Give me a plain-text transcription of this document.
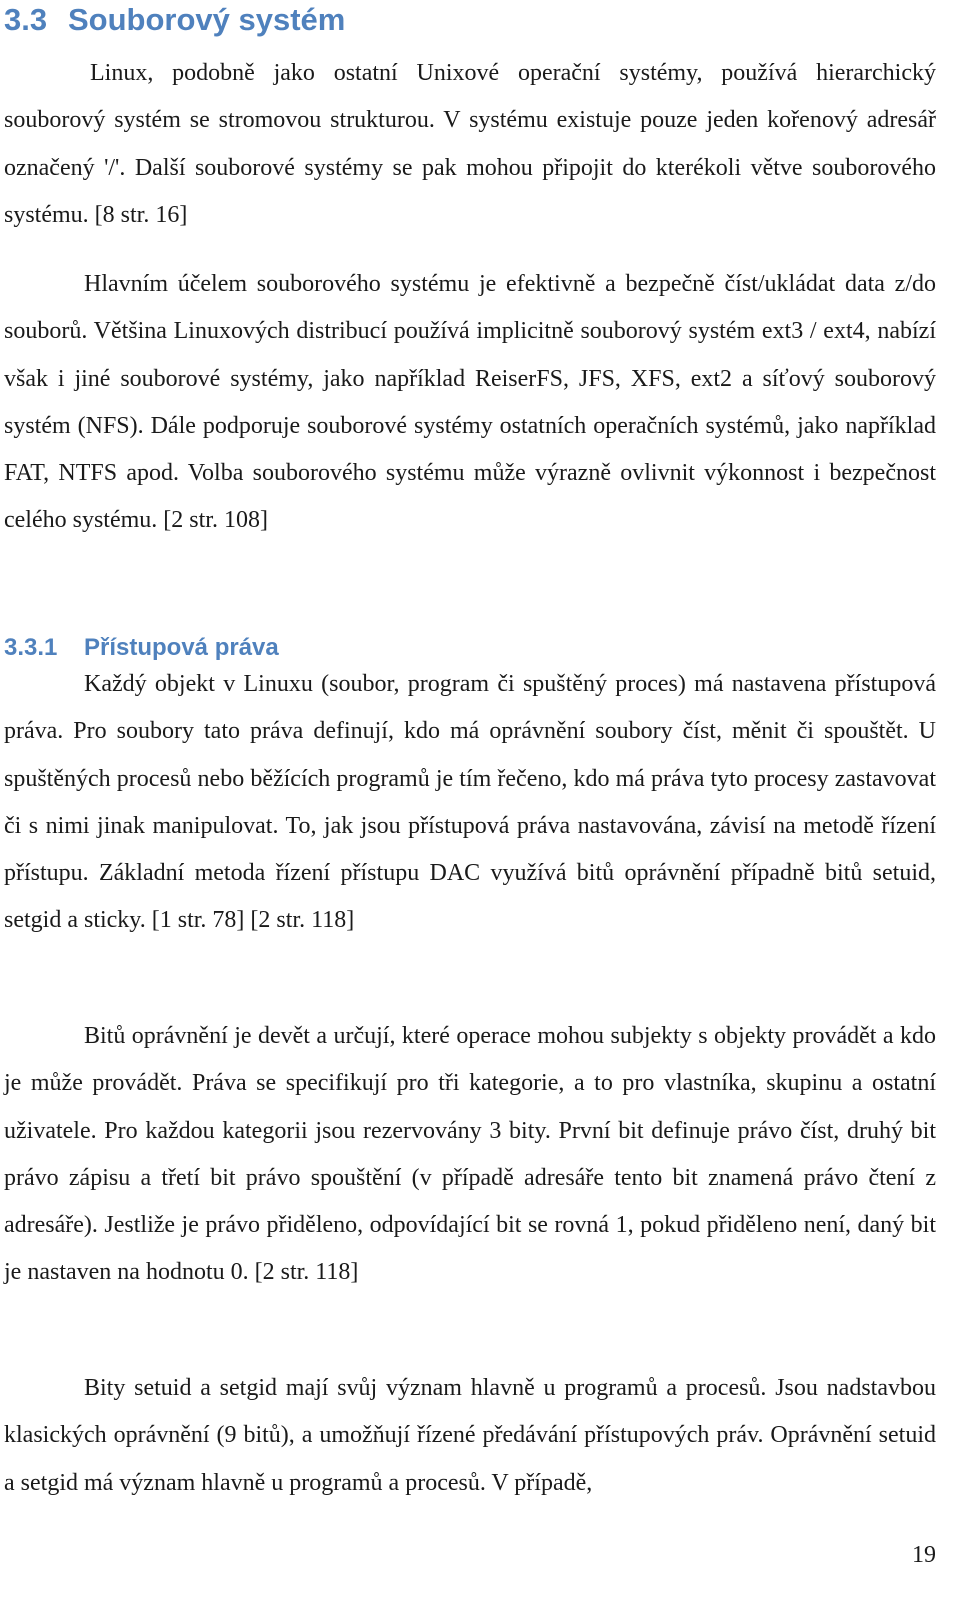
3.3 Souborový systém

Linux, podobně jako ostatní Unixové operační systémy, používá hierarchický souborový systém se stromovou strukturou. V systému existuje pouze jeden kořenový adresář označený '/'. Další souborové systémy se pak mohou připojit do kterékoli větve souborového systému. [8 str. 16]

Hlavním účelem souborového systému je efektivně a bezpečně číst/ukládat data z/do souborů. Většina Linuxových distribucí používá implicitně souborový systém ext3 / ext4, nabízí však i jiné souborové systémy, jako například ReiserFS, JFS, XFS, ext2 a síťový souborový systém (NFS). Dále podporuje souborové systémy ostatních operačních systémů, jako například FAT, NTFS apod. Volba souborového systému může výrazně ovlivnit výkonnost i bezpečnost celého systému. [2 str. 108]

3.3.1 Přístupová práva

Každý objekt v Linuxu (soubor, program či spuštěný proces) má nastavena přístupová práva. Pro soubory tato práva definují, kdo má oprávnění soubory číst, měnit či spouštět. U spuštěných procesů nebo běžících programů je tím řečeno, kdo má práva tyto procesy zastavovat či s nimi jinak manipulovat. To, jak jsou přístupová práva nastavována, závisí na metodě řízení přístupu. Základní metoda řízení přístupu DAC využívá bitů oprávnění případně bitů setuid, setgid a sticky. [1 str. 78] [2 str. 118]

Bitů oprávnění je devět a určují, které operace mohou subjekty s objekty provádět a kdo je může provádět. Práva se specifikují pro tři kategorie, a to pro vlastníka, skupinu a ostatní uživatele. Pro každou kategorii jsou rezervovány 3 bity. První bit definuje právo číst, druhý bit právo zápisu a třetí bit právo spouštění (v případě adresáře tento bit znamená právo čtení z adresáře). Jestliže je právo přiděleno, odpovídající bit se rovná 1, pokud přiděleno není, daný bit je nastaven na hodnotu 0. [2 str. 118]

Bity setuid a setgid mají svůj význam hlavně u programů a procesů. Jsou nadstavbou klasických oprávnění (9 bitů), a umožňují řízené předávání přístupových práv. Oprávnění setuid a setgid má význam hlavně u programů a procesů. V případě,

19
